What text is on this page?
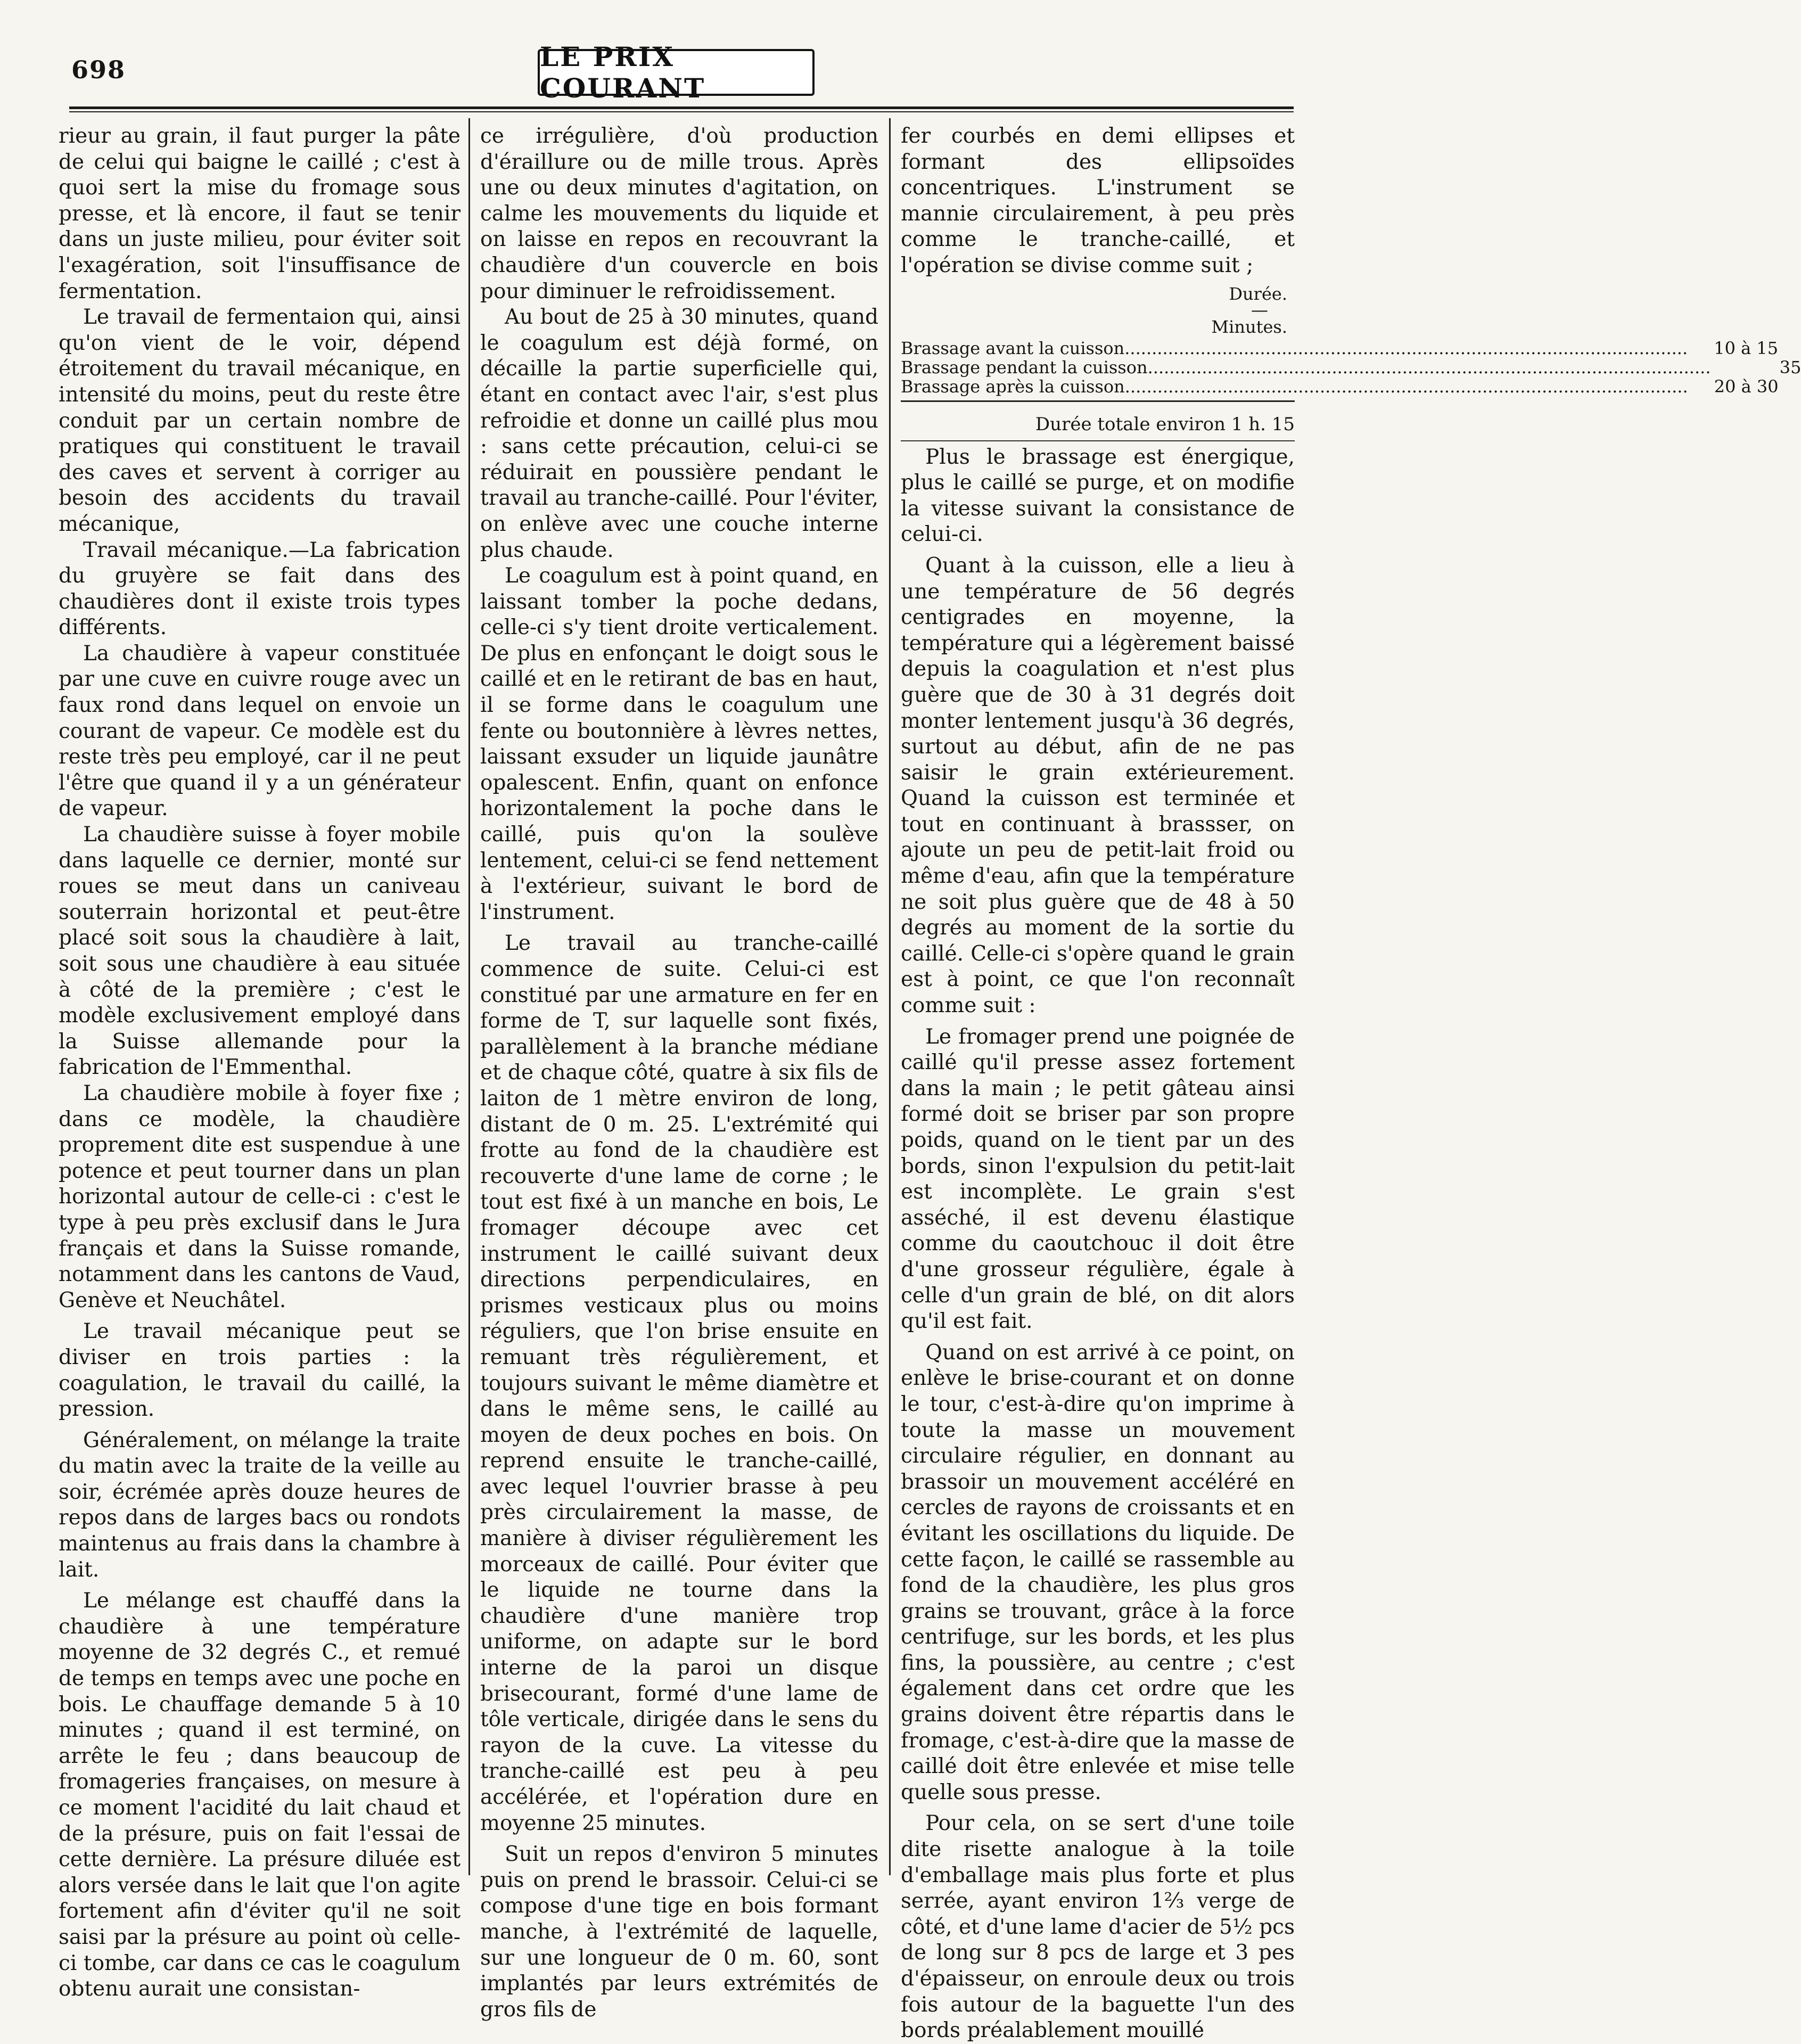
698	LE PRIX COURANT

rieur au grain, il faut purger la pâte de celui qui baigne le caillé ; c'est à quoi sert la mise du fromage sous presse, et là encore, il faut se tenir dans un juste milieu, pour éviter soit l'exagération, soit l'insuffisance de fermentation.

Le travail de fermentaion qui, ainsi qu'on vient de le voir, dépend étroitement du travail mécanique, en intensité du moins, peut du reste être conduit par un certain nombre de pratiques qui constituent le travail des caves et servent à corriger au besoin des accidents du travail mécanique,

Travail mécanique.—La fabrication du gruyère se fait dans des chaudières dont il existe trois types différents.

La chaudière à vapeur constituée par une cuve en cuivre rouge avec un faux rond dans lequel on envoie un courant de vapeur. Ce modèle est du reste très peu employé, car il ne peut l'être que quand il y a un générateur de vapeur.

La chaudière suisse à foyer mobile dans laquelle ce dernier, monté sur roues se meut dans un caniveau souterrain horizontal et peut-être placé soit sous la chaudière à lait, soit sous une chaudière à eau située à côté de la première ; c'est le modèle exclusivement employé dans la Suisse allemande pour la fabrication de l'Emmenthal.

La chaudière mobile à foyer fixe ; dans ce modèle, la chaudière proprement dite est suspendue à une potence et peut tourner dans un plan horizontal autour de celle-ci : c'est le type à peu près exclusif dans le Jura français et dans la Suisse romande, notamment dans les cantons de Vaud, Genève et Neuchâtel.

Le travail mécanique peut se diviser en trois parties : la coagulation, le travail du caillé, la pression.

Généralement, on mélange la traite du matin avec la traite de la veille au soir, écrémée après douze heures de repos dans de larges bacs ou rondots maintenus au frais dans la chambre à lait.

Le mélange est chauffé dans la chaudière à une température moyenne de 32 degrés C., et remué de temps en temps avec une poche en bois. Le chauffage demande 5 à 10 minutes ; quand il est terminé, on arrête le feu ; dans beaucoup de fromageries françaises, on mesure à ce moment l'acidité du lait chaud et de la présure, puis on fait l'essai de cette dernière. La présure diluée est alors versée dans le lait que l'on agite fortement afin d'éviter qu'il ne soit saisi par la présure au point où celle-ci tombe, car dans ce cas le coagulum obtenu aurait une consistan-

ce irrégulière, d'où production d'éraillure ou de mille trous. Après une ou deux minutes d'agitation, on calme les mouvements du liquide et on laisse en repos en recouvrant la chaudière d'un couvercle en bois pour diminuer le refroidissement.

Au bout de 25 à 30 minutes, quand le coagulum est déjà formé, on décaille la partie superficielle qui, étant en contact avec l'air, s'est plus refroidie et donne un caillé plus mou : sans cette précaution, celui-ci se réduirait en poussière pendant le travail au tranche-caillé. Pour l'éviter, on enlève avec une couche interne plus chaude.

Le coagulum est à point quand, en laissant tomber la poche dedans, celle-ci s'y tient droite verticalement. De plus en enfonçant le doigt sous le caillé et en le retirant de bas en haut, il se forme dans le coagulum une fente ou boutonnière à lèvres nettes, laissant exsuder un liquide jaunâtre opalescent. Enfin, quant on enfonce horizontalement la poche dans le caillé, puis qu'on la soulève lentement, celui-ci se fend nettement à l'extérieur, suivant le bord de l'instrument.

Le travail au tranche-caillé commence de suite. Celui-ci est constitué par une armature en fer en forme de T, sur laquelle sont fixés, parallèlement à la branche médiane et de chaque côté, quatre à six fils de laiton de 1 mètre environ de long, distant de 0 m. 25. L'extrémité qui frotte au fond de la chaudière est recouverte d'une lame de corne ; le tout est fixé à un manche en bois, Le fromager découpe avec cet instrument le caillé suivant deux directions perpendiculaires, en prismes vesticaux plus ou moins réguliers, que l'on brise ensuite en remuant très régulièrement, et toujours suivant le même diamètre et dans le même sens, le caillé au moyen de deux poches en bois. On reprend ensuite le tranche-caillé, avec lequel l'ouvrier brasse à peu près circulairement la masse, de manière à diviser régulièrement les morceaux de caillé. Pour éviter que le liquide ne tourne dans la chaudière d'une manière trop uniforme, on adapte sur le bord interne de la paroi un disque brisecourant, formé d'une lame de tôle verticale, dirigée dans le sens du rayon de la cuve. La vitesse du tranche-caillé est peu à peu accélérée, et l'opération dure en moyenne 25 minutes.

Suit un repos d'environ 5 minutes puis on prend le brassoir. Celui-ci se compose d'une tige en bois formant manche, à l'extrémité de laquelle, sur une longueur de 0 m. 60, sont implantés par leurs extrémités de gros fils de

fer courbés en demi ellipses et formant des ellipsoïdes concentriques. L'instrument se mannie circulairement, à peu près comme le tranche-caillé, et l'opération se divise comme suit ;

Durée.
—
Minutes.
Brassage avant la cuisson .....	10 à 15
Brassage pendant la cuisson .....	35
Brassage après la cuisson .....	20 à 30
Durée totale environ 1 h. 15

Plus le brassage est énergique, plus le caillé se purge, et on modifie la vitesse suivant la consistance de celui-ci.

Quant à la cuisson, elle a lieu à une température de 56 degrés centigrades en moyenne, la température qui a légèrement baissé depuis la coagulation et n'est plus guère que de 30 à 31 degrés doit monter lentement jusqu'à 36 degrés, surtout au début, afin de ne pas saisir le grain extérieurement. Quand la cuisson est terminée et tout en continuant à brassser, on ajoute un peu de petit-lait froid ou même d'eau, afin que la température ne soit plus guère que de 48 à 50 degrés au moment de la sortie du caillé. Celle-ci s'opère quand le grain est à point, ce que l'on reconnaît comme suit :

Le fromager prend une poignée de caillé qu'il presse assez fortement dans la main ; le petit gâteau ainsi formé doit se briser par son propre poids, quand on le tient par un des bords, sinon l'expulsion du petit-lait est incomplète. Le grain s'est asséché, il est devenu élastique comme du caoutchouc il doit être d'une grosseur régulière, égale à celle d'un grain de blé, on dit alors qu'il est fait.

Quand on est arrivé à ce point, on enlève le brise-courant et on donne le tour, c'est-à-dire qu'on imprime à toute la masse un mouvement circulaire régulier, en donnant au brassoir un mouvement accéléré en cercles de rayons de croissants et en évitant les oscillations du liquide. De cette façon, le caillé se rassemble au fond de la chaudière, les plus gros grains se trouvant, grâce à la force centrifuge, sur les bords, et les plus fins, la poussière, au centre ; c'est également dans cet ordre que les grains doivent être répartis dans le fromage, c'est-à-dire que la masse de caillé doit être enlevée et mise telle quelle sous presse.

Pour cela, on se sert d'une toile dite risette analogue à la toile d'emballage mais plus forte et plus serrée, ayant environ 1⅔ verge de côté, et d'une lame d'acier de 5½ pcs de long sur 8 pcs de large et 3 pes d'épaisseur, on enroule deux ou trois fois autour de la baguette l'un des bords préalablement mouillé
